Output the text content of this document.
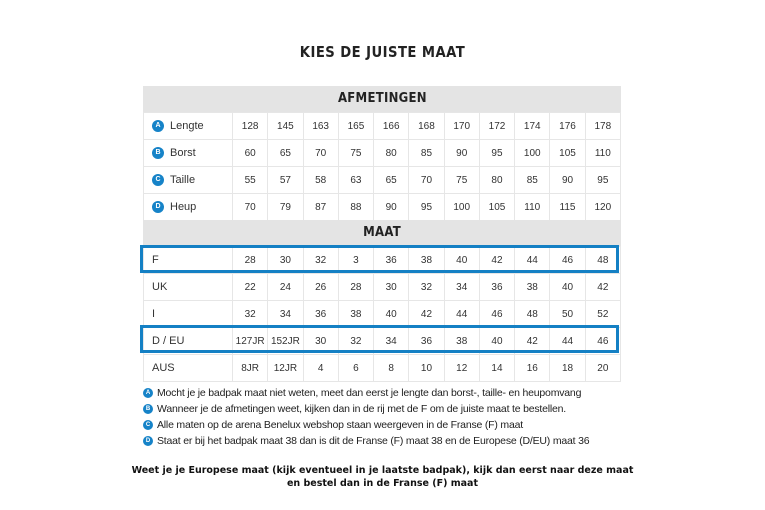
KIES DE JUISTE MAAT
AFMETINGEN
A Lengte	128	145	163	165	166	168	170	172	174	176	178
B Borst	60	65	70	75	80	85	90	95	100	105	110
C Taille	55	57	58	63	65	70	75	80	85	90	95
D Heup	70	79	87	88	90	95	100	105	110	115	120
MAAT
F	28	30	32	3	36	38	40	42	44	46	48
UK	22	24	26	28	30	32	34	36	38	40	42
I	32	34	36	38	40	42	44	46	48	50	52
D / EU	127JR	152JR	30	32	34	36	38	40	42	44	46
AUS	8JR	12JR	4	6	8	10	12	14	16	18	20
A Mocht je je badpak maat niet weten, meet dan eerst je lengte dan borst-, taille- en heupomvang
B Wanneer je de afmetingen weet, kijken dan in de rij met de F om de juiste maat te bestellen.
C Alle maten op de arena Benelux webshop staan weergeven in de Franse (F) maat
D Staat er bij het badpak maat 38 dan is dit de Franse (F) maat 38 en de Europese (D/EU) maat 36
Weet je je Europese maat (kijk eventueel in je laatste badpak), kijk dan eerst naar deze maat
en bestel dan in de Franse (F) maat
